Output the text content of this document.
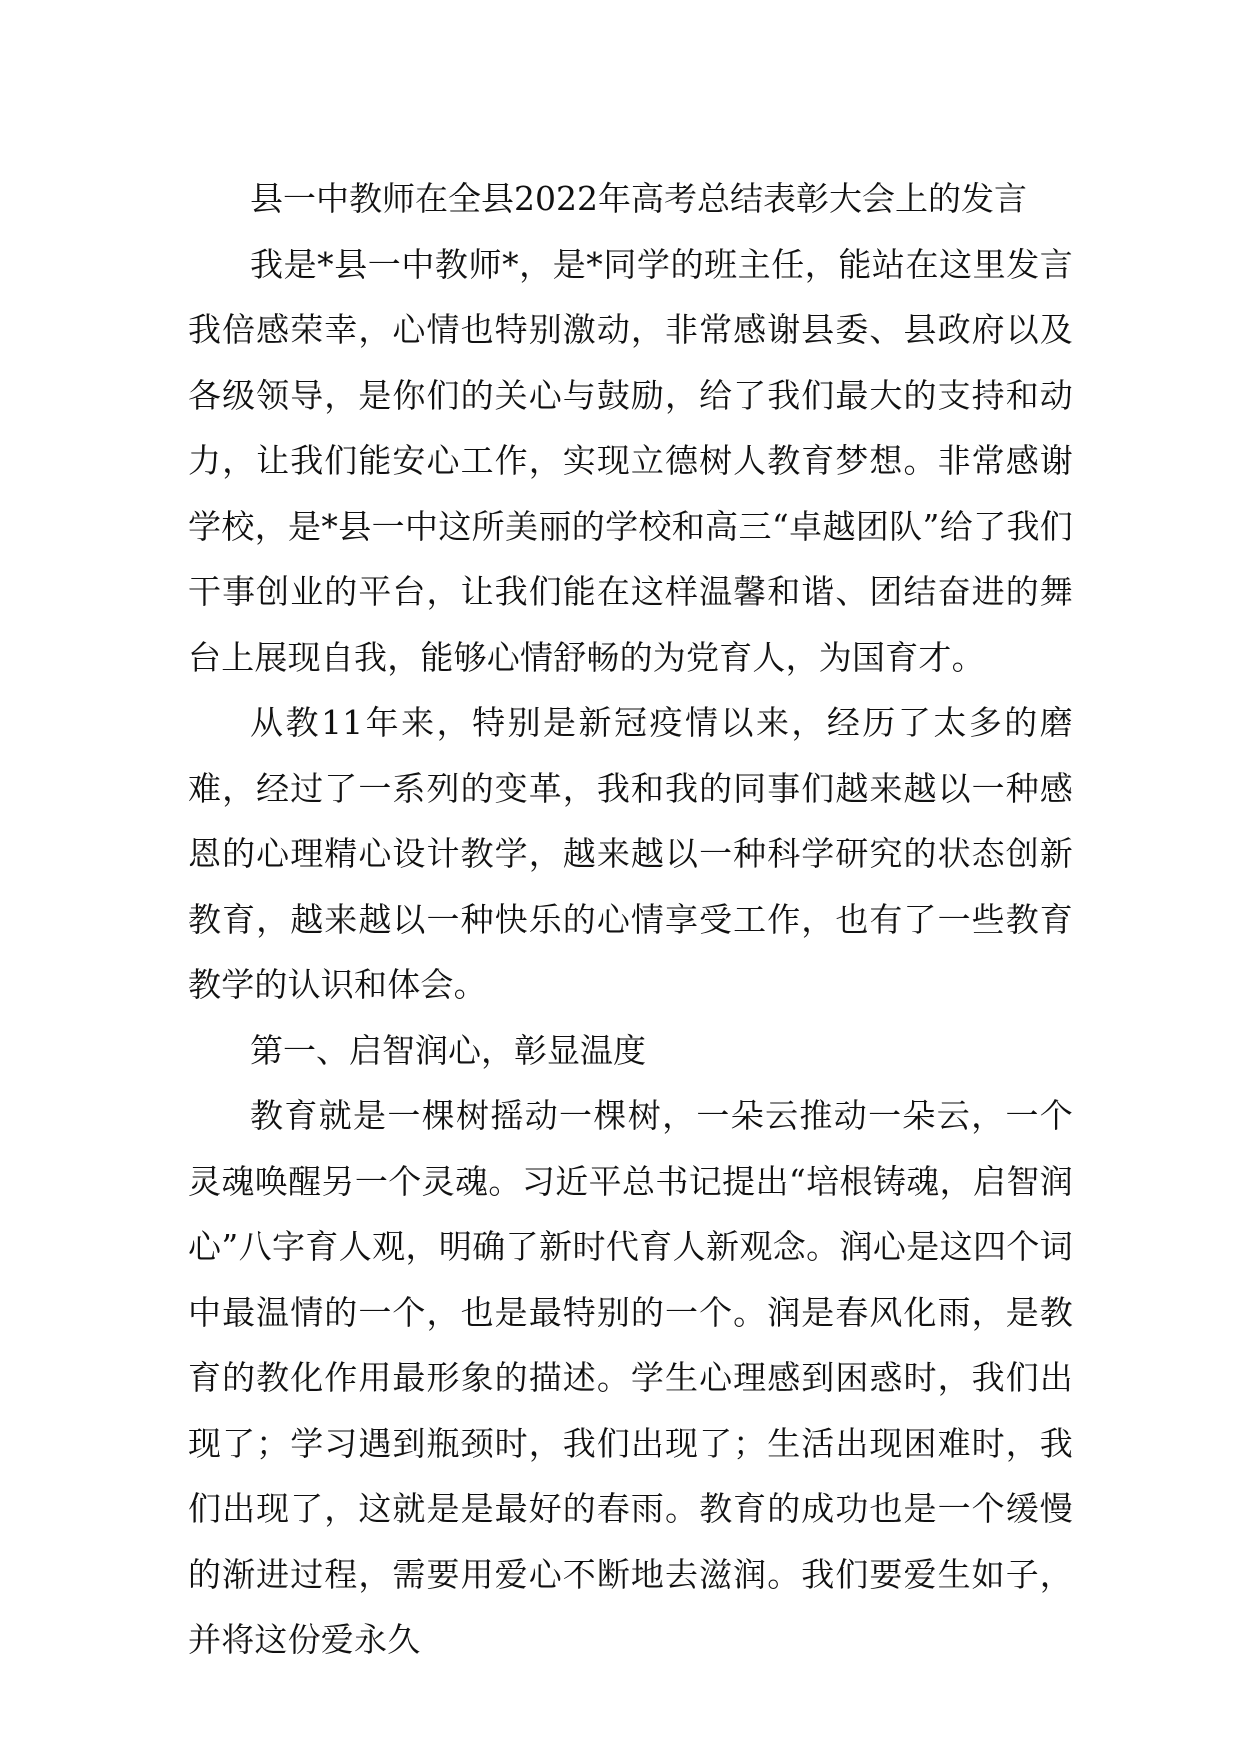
县一中教师在全县2022年高考总结表彰大会上的发言

我是*县一中教师*，是*同学的班主任，能站在这里发言我倍感荣幸，心情也特别激动，非常感谢县委、县政府以及各级领导，是你们的关心与鼓励，给了我们最大的支持和动力，让我们能安心工作，实现立德树人教育梦想。非常感谢学校，是*县一中这所美丽的学校和高三“卓越团队”给了我们干事创业的平台，让我们能在这样温馨和谐、团结奋进的舞台上展现自我，能够心情舒畅的为党育人，为国育才。

从教11年来，特别是新冠疫情以来，经历了太多的磨难，经过了一系列的变革，我和我的同事们越来越以一种感恩的心理精心设计教学，越来越以一种科学研究的状态创新教育，越来越以一种快乐的心情享受工作，也有了一些教育教学的认识和体会。

第一、启智润心，彰显温度

教育就是一棵树摇动一棵树，一朵云推动一朵云，一个灵魂唤醒另一个灵魂。习近平总书记提出“培根铸魂，启智润心”八字育人观，明确了新时代育人新观念。润心是这四个词中最温情的一个，也是最特别的一个。润是春风化雨，是教育的教化作用最形象的描述。学生心理感到困惑时，我们出现了；学习遇到瓶颈时，我们出现了；生活出现困难时，我们出现了，这就是是最好的春雨。教育的成功也是一个缓慢的渐进过程，需要用爱心不断地去滋润。我们要爱生如子，并将这份爱永久
